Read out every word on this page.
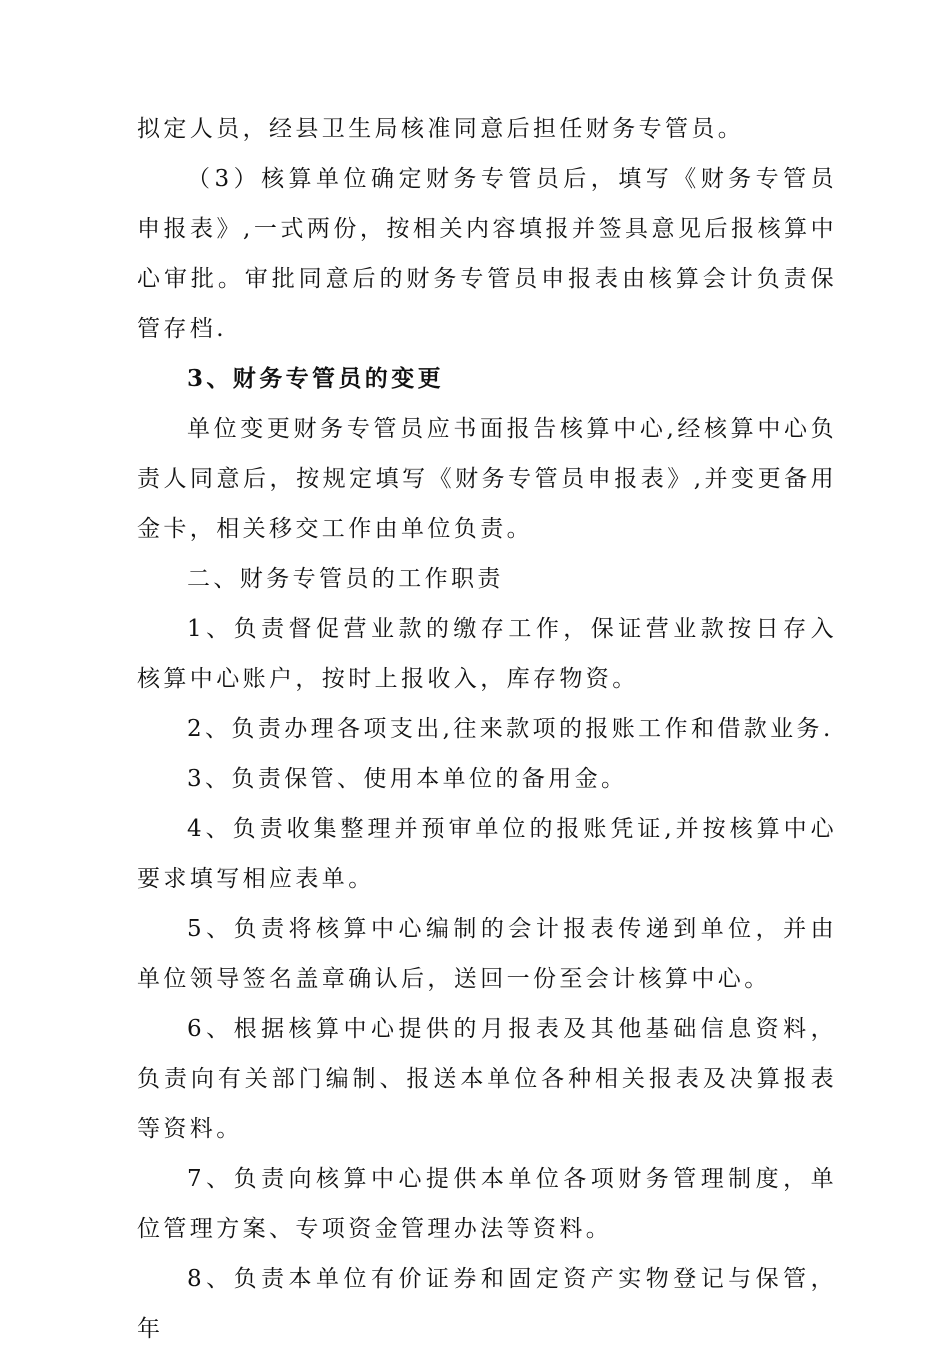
拟定人员，经县卫生局核准同意后担任财务专管员。

（3）核算单位确定财务专管员后，填写《财务专管员申报表》,一式两份，按相关内容填报并签具意见后报核算中心审批。审批同意后的财务专管员申报表由核算会计负责保管存档.

3、财务专管员的变更

单位变更财务专管员应书面报告核算中心,经核算中心负责人同意后，按规定填写《财务专管员申报表》,并变更备用金卡，相关移交工作由单位负责。

二、财务专管员的工作职责

1、负责督促营业款的缴存工作，保证营业款按日存入核算中心账户，按时上报收入，库存物资。

2、负责办理各项支出,往来款项的报账工作和借款业务.

3、负责保管、使用本单位的备用金。

4、负责收集整理并预审单位的报账凭证,并按核算中心要求填写相应表单。

5、负责将核算中心编制的会计报表传递到单位，并由单位领导签名盖章确认后，送回一份至会计核算中心。

6、根据核算中心提供的月报表及其他基础信息资料，负责向有关部门编制、报送本单位各种相关报表及决算报表等资料。

7、负责向核算中心提供本单位各项财务管理制度，单位管理方案、专项资金管理办法等资料。

8、负责本单位有价证券和固定资产实物登记与保管，年
